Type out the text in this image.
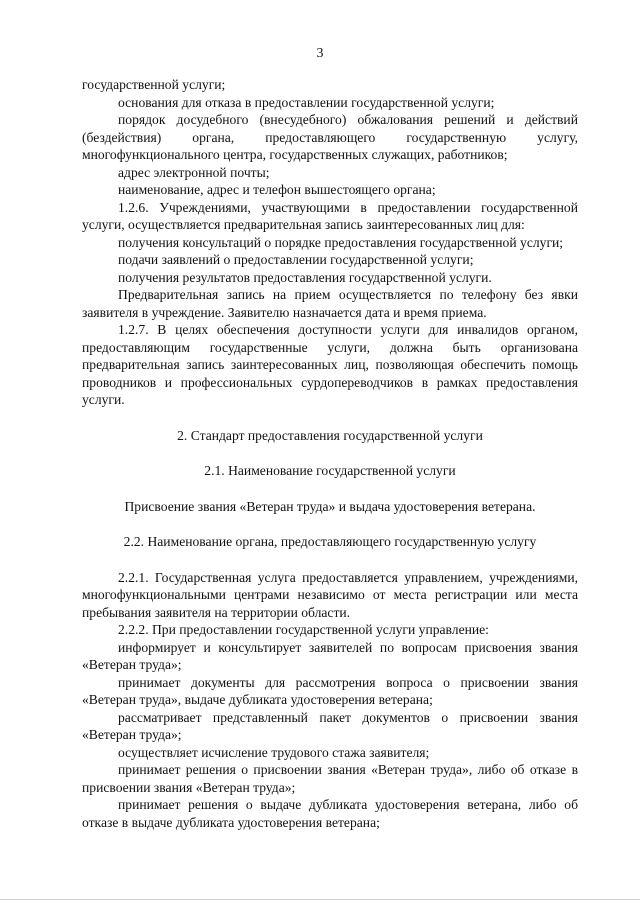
3

государственной услуги;

основания для отказа в предоставлении государственной услуги;

порядок досудебного (внесудебного) обжалования решений и действий (бездействия) органа, предоставляющего государственную услугу, многофункционального центра, государственных служащих, работников;

адрес электронной почты;

наименование, адрес и телефон вышестоящего органа;

1.2.6. Учреждениями, участвующими в предоставлении государственной услуги, осуществляется предварительная запись заинтересованных лиц для:

получения консультаций о порядке предоставления государственной услуги;

подачи заявлений о предоставлении государственной услуги;

получения результатов предоставления государственной услуги.

Предварительная запись на прием осуществляется по телефону без явки заявителя в учреждение. Заявителю назначается дата и время приема.

1.2.7. В целях обеспечения доступности услуги для инвалидов органом, предоставляющим государственные услуги, должна быть организована предварительная запись заинтересованных лиц, позволяющая обеспечить помощь проводников и профессиональных сурдопереводчиков в рамках предоставления услуги.

2. Стандарт предоставления государственной услуги

2.1. Наименование государственной услуги

Присвоение звания «Ветеран труда» и выдача удостоверения ветерана.

2.2. Наименование органа, предоставляющего государственную услугу

2.2.1. Государственная услуга предоставляется управлением, учреждениями, многофункциональными центрами независимо от места регистрации или места пребывания заявителя на территории области.

2.2.2. При предоставлении государственной услуги управление:

информирует и консультирует заявителей по вопросам присвоения звания «Ветеран труда»;

принимает документы для рассмотрения вопроса о присвоении звания «Ветеран труда», выдаче дубликата удостоверения ветерана;

рассматривает представленный пакет документов о присвоении звания «Ветеран труда»;

осуществляет исчисление трудового стажа заявителя;

принимает решения о присвоении звания «Ветеран труда», либо об отказе в присвоении звания «Ветеран труда»;

принимает решения о выдаче дубликата удостоверения ветерана, либо об отказе в выдаче дубликата удостоверения ветерана;
